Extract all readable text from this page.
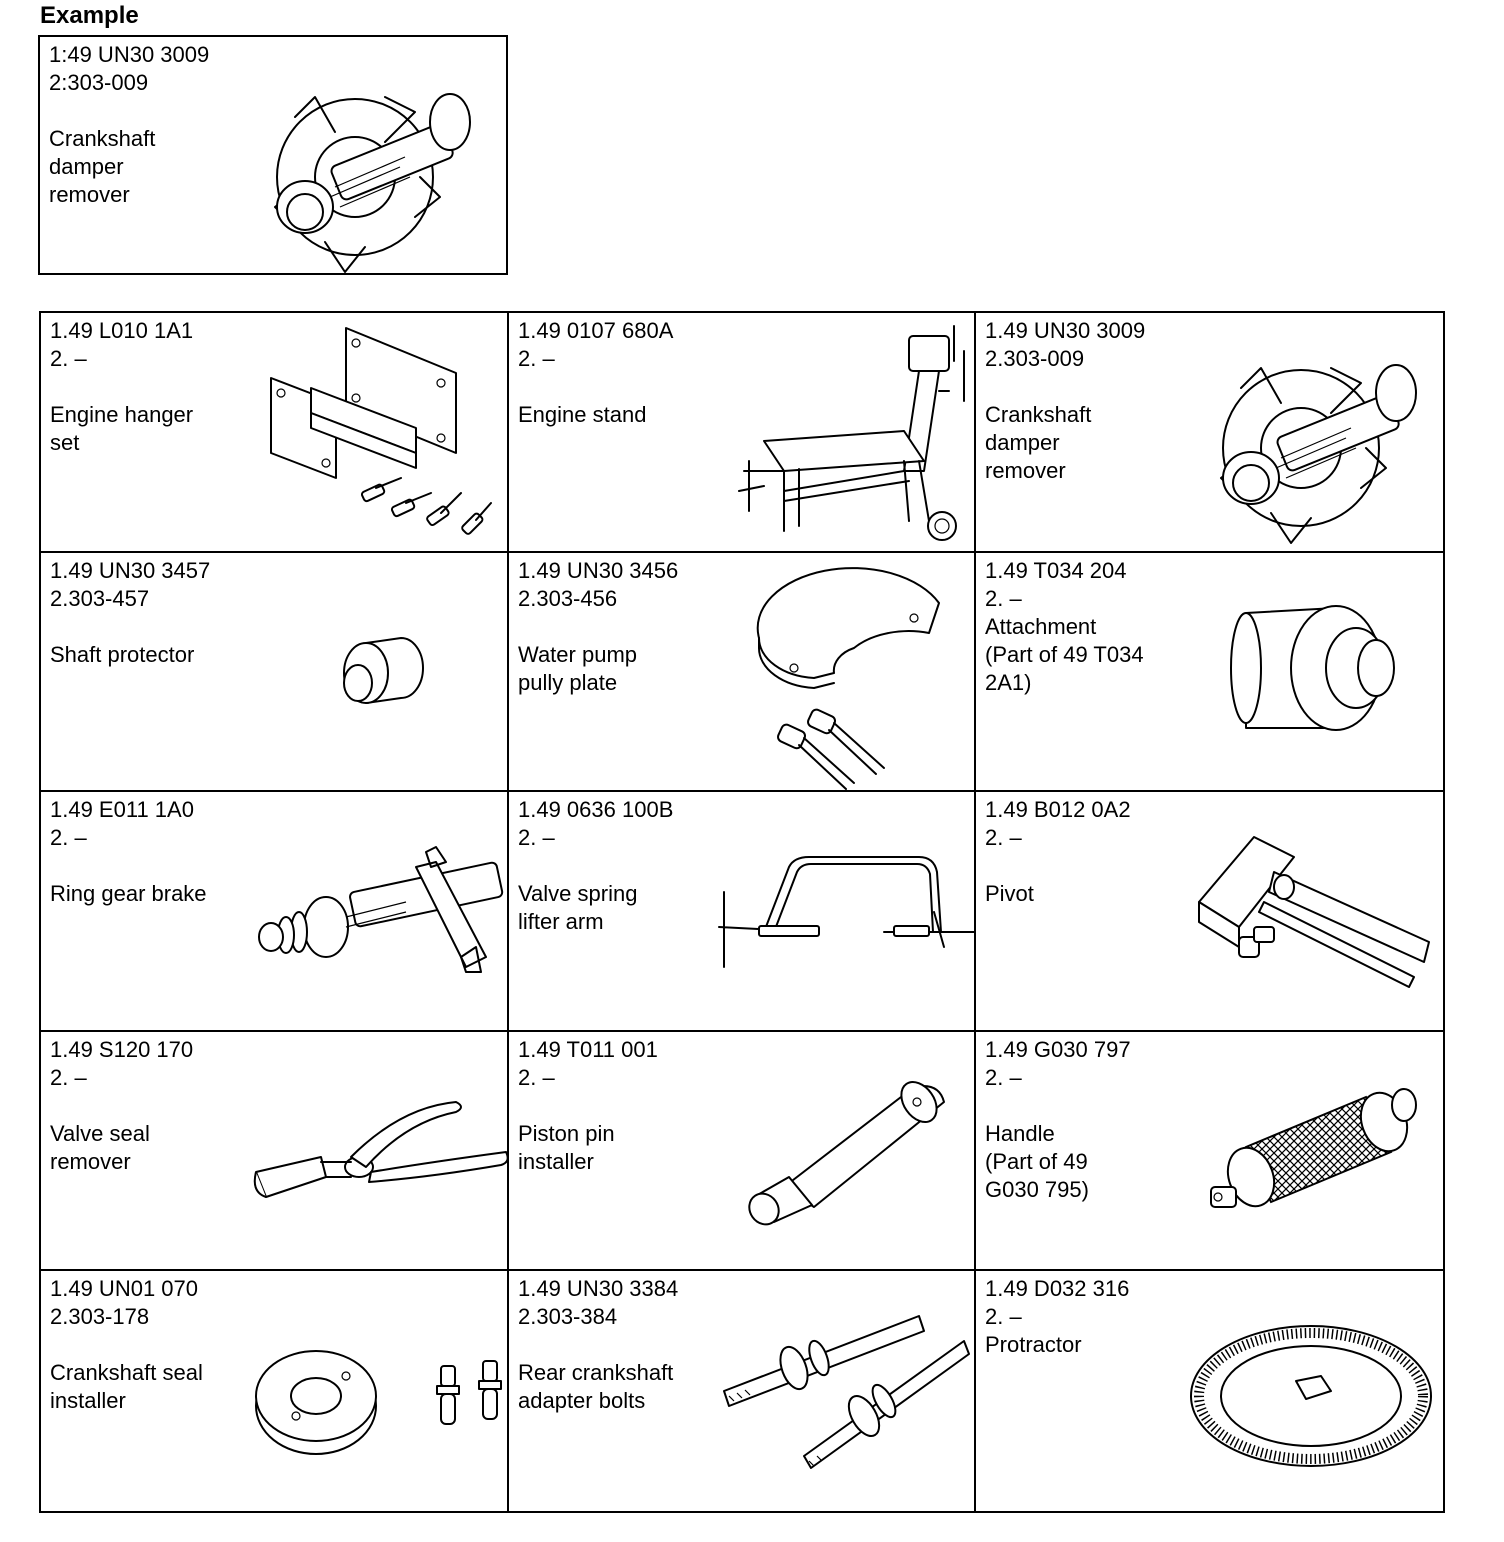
Example
1:49 UN30 3009
2:303-009

Crankshaft
damper
remover
1.49 L010 1A1
2. –

Engine hanger
set
1.49 0107 680A
2. –

Engine stand
1.49 UN30 3009
2.303-009

Crankshaft
damper
remover
1.49 UN30 3457
2.303-457

Shaft protector
1.49 UN30 3456
2.303-456

Water pump
pully plate
1.49 T034 204
2. –
Attachment
(Part of 49 T034
2A1)
1.49 E011 1A0
2. –

Ring gear brake
1.49 0636 100B
2. –

Valve spring
lifter arm
1.49 B012 0A2
2. –

Pivot
1.49 S120 170
2. –

Valve seal
remover
1.49 T011 001
2. –

Piston pin
installer
1.49 G030 797
2. –

Handle
(Part of 49
G030 795)
1.49 UN01 070
2.303-178

Crankshaft seal
installer
1.49 UN30 3384
2.303-384

Rear crankshaft
adapter bolts
1.49 D032 316
2. –
Protractor
